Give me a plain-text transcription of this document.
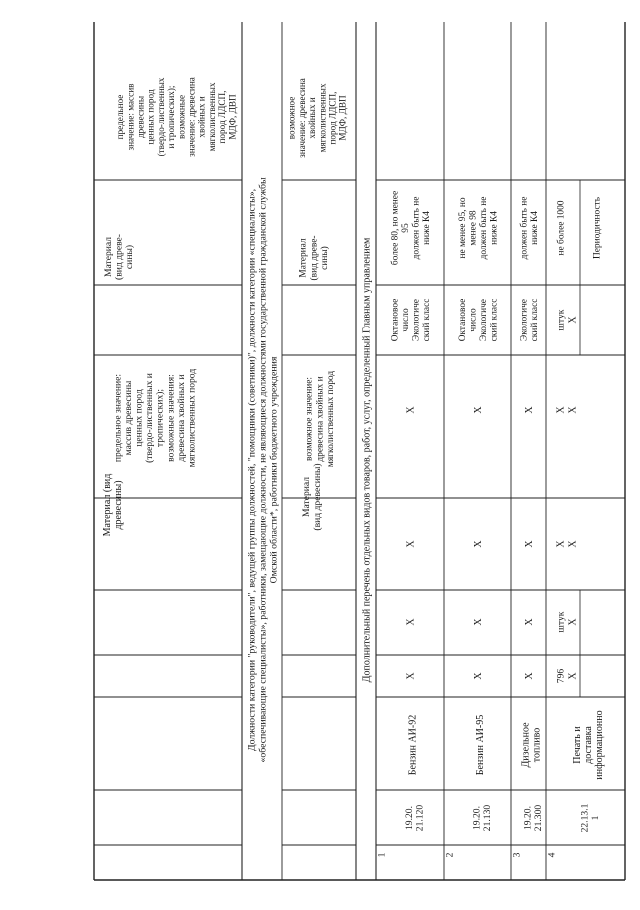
Материал (вид древесины)
предельное значение: массив древесины ценных пород (твердо-лиственных и тропических); возможные значения: древесина хвойных и мягколиственных пород
Материал (вид древе- сины)
предельное значение: массив древесины ценных пород (твердо-лиственных и тропических); возможные значение: древесина хвойных и мягколиственных пород ЛДСП, МДФ, ДВП
Должности категории "руководители", ведущей группы должностей, "помощники (советники)", должности категории «специалисты», «обеспечивающие специалисты», работники, замещающие должности, не являющиеся должностями государственной гражданской службы Омской области*, работники бюджетного учреждения Материал (вид древесины)
возможное значение: древесина хвойных и мягколиственных пород
Материал (вид древе- сины)
возможное значение: древесина хвойных и мягколиственных пород ЛДСП, МДФ, ДВП
Дополнительный перечень отдельных видов товаров, работ, услуг, определенный Главным управлением
1
19.20. 21.120
Бензин АИ-92
X
X
X
X
Октановое число Экологиче ский класс
более 80, но менее 95 должен быть не ниже К4
2
19.20. 21.130
Бензин АИ-95
X
X
X
X
Октановое число Экологиче ский класс
не менее 95, но менее 98 должен быть не ниже К4
3
19.20. 21.300
Дизельное топливо
X
X
X
X
Экологиче ский класс
должен быть не ниже К4
4
22.13.1 1
Печать и доставка информационно
796 X
штук X
X X
X X
штук X
не более 1000	Периодичность
